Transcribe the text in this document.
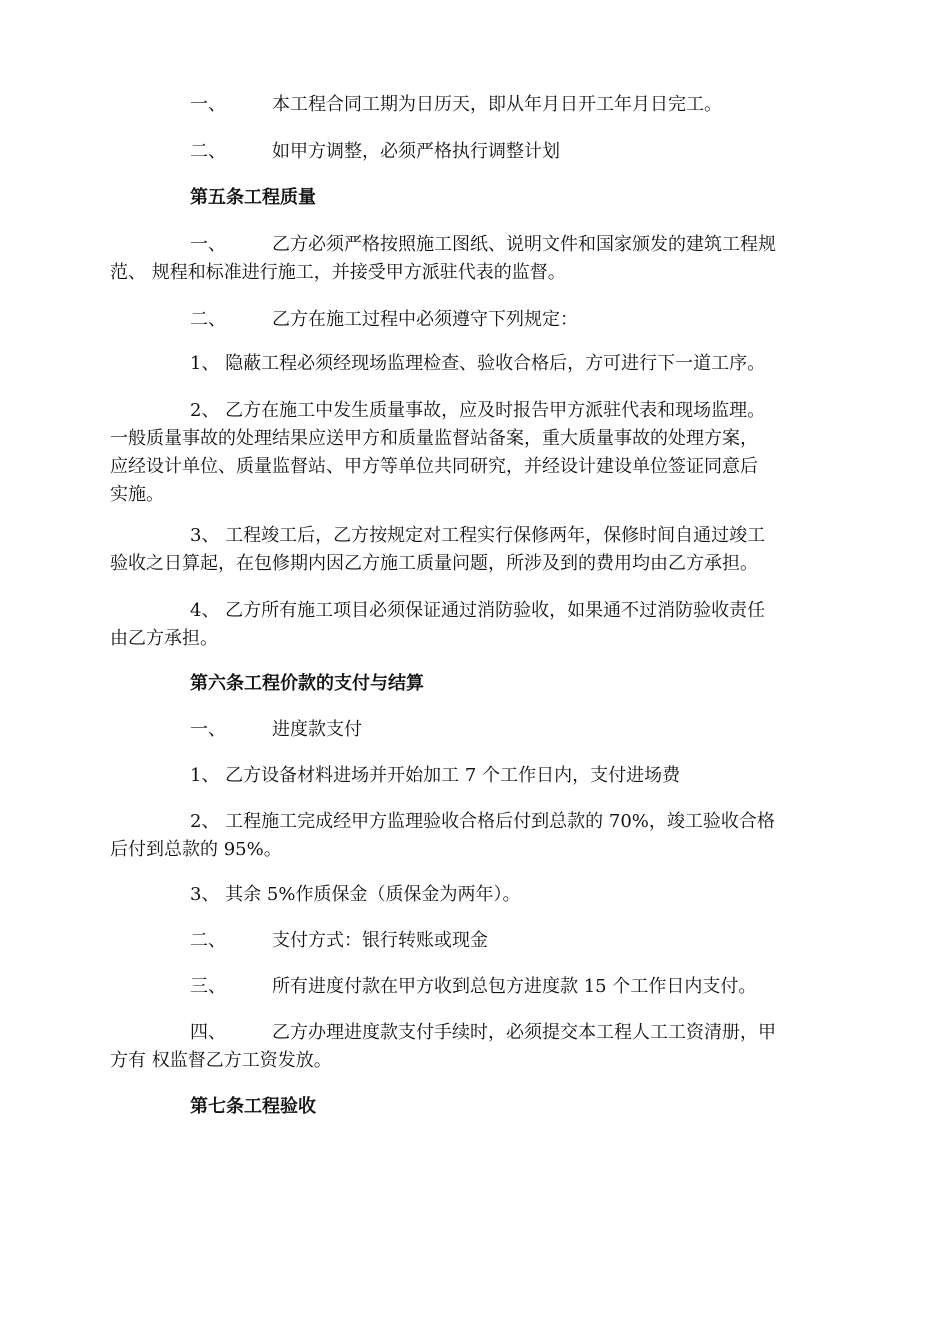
一、	本工程合同工期为日历天，即从年月日开工年月日完工。
二、	如甲方调整，必须严格执行调整计划
第五条工程质量
一、	乙方必须严格按照施工图纸、说明文件和国家颁发的建筑工程规
范、 规程和标准进行施工，并接受甲方派驻代表的监督。
二、	乙方在施工过程中必须遵守下列规定：
1、 隐蔽工程必须经现场监理检查、验收合格后，方可进行下一道工序。
2、 乙方在施工中发生质量事故，应及时报告甲方派驻代表和现场监理。
一般质量事故的处理结果应送甲方和质量监督站备案，重大质量事故的处理方案，
应经设计单位、质量监督站、甲方等单位共同研究，并经设计建设单位签证同意后
实施。
3、 工程竣工后，乙方按规定对工程实行保修两年，保修时间自通过竣工
验收之日算起，在包修期内因乙方施工质量问题，所涉及到的费用均由乙方承担。
4、 乙方所有施工项目必须保证通过消防验收，如果通不过消防验收责任
由乙方承担。
第六条工程价款的支付与结算
一、	进度款支付
1、 乙方设备材料进场并开始加工 7 个工作日内，支付进场费
2、 工程施工完成经甲方监理验收合格后付到总款的 70%，竣工验收合格
后付到总款的 95%。
3、 其余 5%作质保金（质保金为两年）。
二、	支付方式：银行转账或现金
三、	所有进度付款在甲方收到总包方进度款 15 个工作日内支付。
四、	乙方办理进度款支付手续时，必须提交本工程人工工资清册，甲
方有 权监督乙方工资发放。
第七条工程验收
